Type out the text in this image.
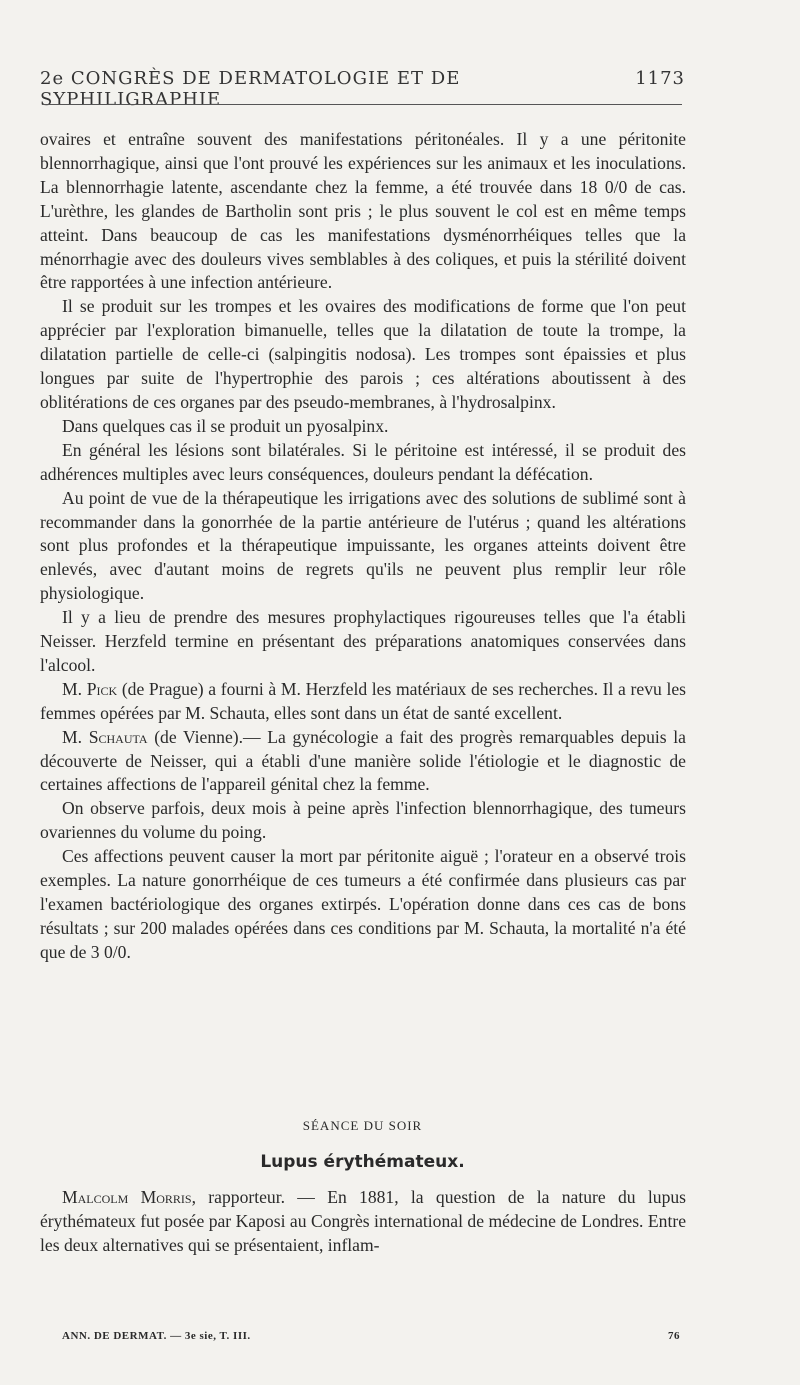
2e CONGRÈS DE DERMATOLOGIE ET DE SYPHILIGRAPHIE
1173

ovaires et entraîne souvent des manifestations péritonéales. Il y a une péritonite blennorrhagique, ainsi que l'ont prouvé les expériences sur les animaux et les inoculations. La blennorrhagie latente, ascendante chez la femme, a été trouvée dans 18 0/0 de cas. L'urèthre, les glandes de Bartholin sont pris ; le plus souvent le col est en même temps atteint. Dans beaucoup de cas les manifestations dysménorrhéiques telles que la ménorrhagie avec des douleurs vives semblables à des coliques, et puis la stérilité doivent être rapportées à une infection antérieure.

Il se produit sur les trompes et les ovaires des modifications de forme que l'on peut apprécier par l'exploration bimanuelle, telles que la dilatation de toute la trompe, la dilatation partielle de celle-ci (salpingitis nodosa). Les trompes sont épaissies et plus longues par suite de l'hypertrophie des parois ; ces altérations aboutissent à des oblitérations de ces organes par des pseudo-membranes, à l'hydrosalpinx.

Dans quelques cas il se produit un pyosalpinx.

En général les lésions sont bilatérales. Si le péritoine est intéressé, il se produit des adhérences multiples avec leurs conséquences, douleurs pendant la défécation.

Au point de vue de la thérapeutique les irrigations avec des solutions de sublimé sont à recommander dans la gonorrhée de la partie antérieure de l'utérus ; quand les altérations sont plus profondes et la thérapeutique impuissante, les organes atteints doivent être enlevés, avec d'autant moins de regrets qu'ils ne peuvent plus remplir leur rôle physiologique.

Il y a lieu de prendre des mesures prophylactiques rigoureuses telles que l'a établi Neisser. Herzfeld termine en présentant des préparations anatomiques conservées dans l'alcool.

M. Pick (de Prague) a fourni à M. Herzfeld les matériaux de ses recherches. Il a revu les femmes opérées par M. Schauta, elles sont dans un état de santé excellent.

M. Schauta (de Vienne).— La gynécologie a fait des progrès remarquables depuis la découverte de Neisser, qui a établi d'une manière solide l'étiologie et le diagnostic de certaines affections de l'appareil génital chez la femme.

On observe parfois, deux mois à peine après l'infection blennorrhagique, des tumeurs ovariennes du volume du poing.

Ces affections peuvent causer la mort par péritonite aiguë ; l'orateur en a observé trois exemples. La nature gonorrhéique de ces tumeurs a été confirmée dans plusieurs cas par l'examen bactériologique des organes extirpés. L'opération donne dans ces cas de bons résultats ; sur 200 malades opérées dans ces conditions par M. Schauta, la mortalité n'a été que de 3 0/0.

SÉANCE DU SOIR
Lupus érythémateux.

Malcolm Morris, rapporteur. — En 1881, la question de la nature du lupus érythémateux fut posée par Kaposi au Congrès international de médecine de Londres. Entre les deux alternatives qui se présentaient, inflam-

ANN. DE DERMAT. — 3e sie, T. III.	76
